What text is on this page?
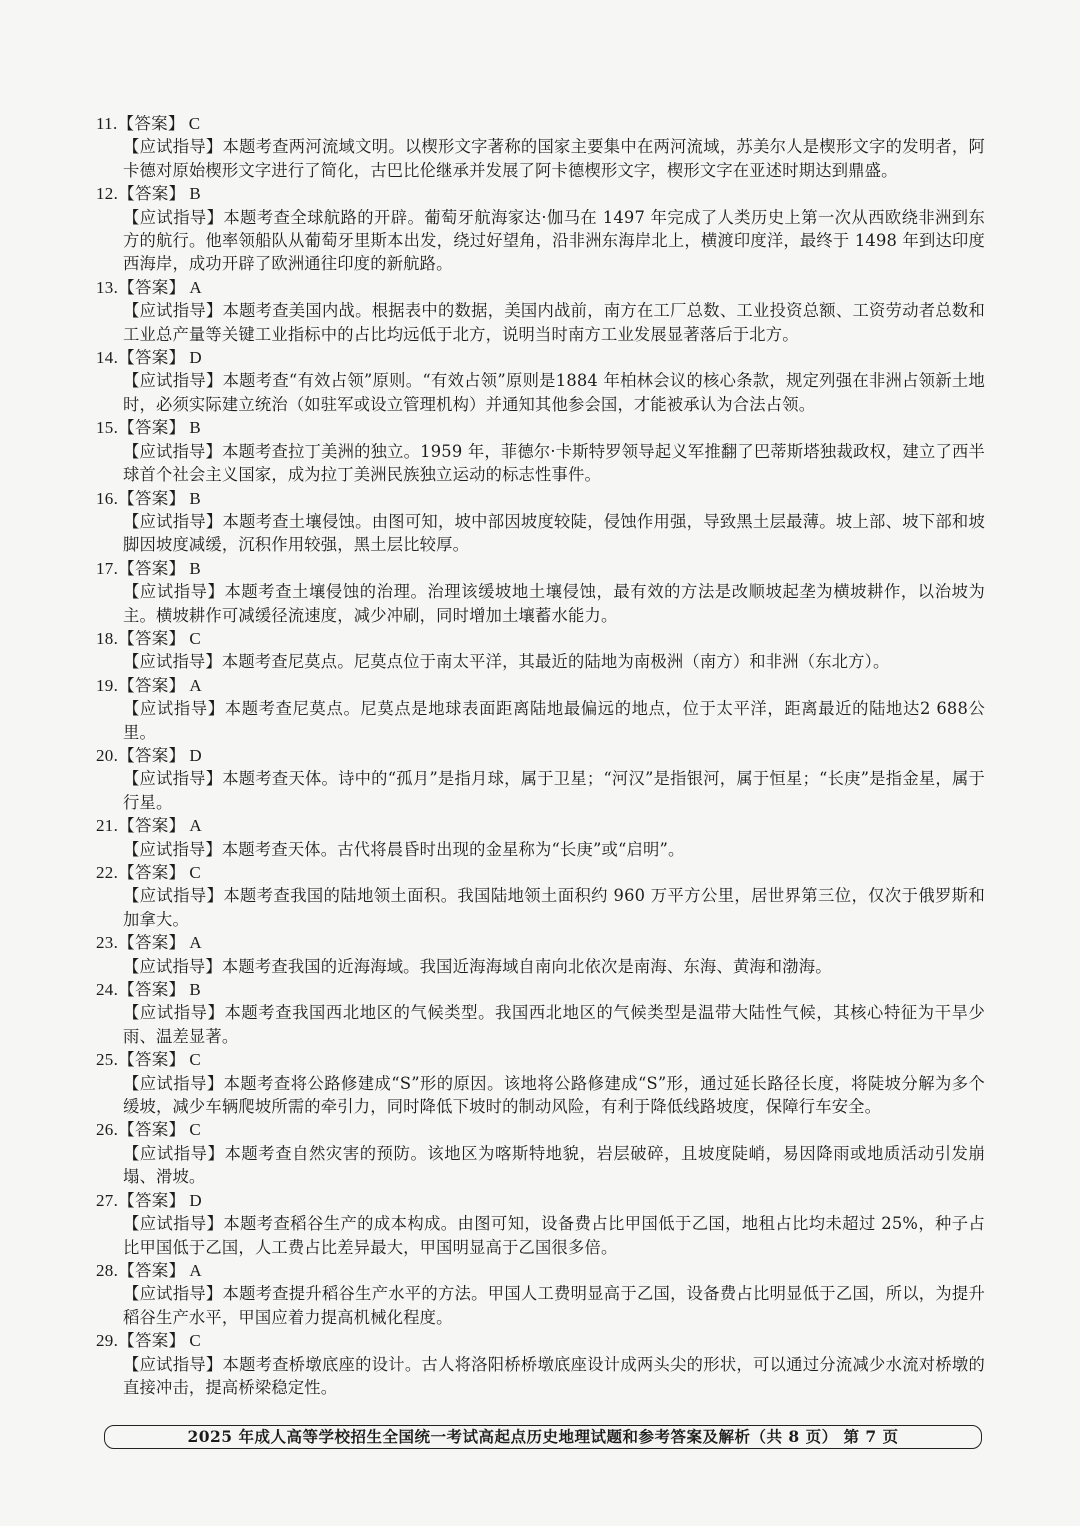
11.【答案】 C
【应试指导】本题考查两河流域文明。以楔形文字著称的国家主要集中在两河流域，苏美尔人是楔形文字的发明者，阿卡德对原始楔形文字进行了简化，古巴比伦继承并发展了阿卡德楔形文字，楔形文字在亚述时期达到鼎盛。
12.【答案】 B
【应试指导】本题考查全球航路的开辟。葡萄牙航海家达·伽马在 1497 年完成了人类历史上第一次从西欧绕非洲到东方的航行。他率领船队从葡萄牙里斯本出发，绕过好望角，沿非洲东海岸北上，横渡印度洋，最终于 1498 年到达印度西海岸，成功开辟了欧洲通往印度的新航路。
13.【答案】 A
【应试指导】本题考查美国内战。根据表中的数据，美国内战前，南方在工厂总数、工业投资总额、工资劳动者总数和工业总产量等关键工业指标中的占比均远低于北方，说明当时南方工业发展显著落后于北方。
14.【答案】 D
【应试指导】本题考查“有效占领”原则。“有效占领”原则是1884 年柏林会议的核心条款，规定列强在非洲占领新土地时，必须实际建立统治（如驻军或设立管理机构）并通知其他参会国，才能被承认为合法占领。
15.【答案】 B
【应试指导】本题考查拉丁美洲的独立。1959 年，菲德尔·卡斯特罗领导起义军推翻了巴蒂斯塔独裁政权，建立了西半球首个社会主义国家，成为拉丁美洲民族独立运动的标志性事件。
16.【答案】 B
【应试指导】本题考查土壤侵蚀。由图可知，坡中部因坡度较陡，侵蚀作用强，导致黑土层最薄。坡上部、坡下部和坡脚因坡度减缓，沉积作用较强，黑土层比较厚。
17.【答案】 B
【应试指导】本题考查土壤侵蚀的治理。治理该缓坡地土壤侵蚀，最有效的方法是改顺坡起垄为横坡耕作，以治坡为主。横坡耕作可减缓径流速度，减少冲刷，同时增加土壤蓄水能力。
18.【答案】 C
【应试指导】本题考查尼莫点。尼莫点位于南太平洋，其最近的陆地为南极洲（南方）和非洲（东北方）。
19.【答案】 A
【应试指导】本题考查尼莫点。尼莫点是地球表面距离陆地最偏远的地点，位于太平洋，距离最近的陆地达2 688公里。
20.【答案】 D
【应试指导】本题考查天体。诗中的“孤月”是指月球，属于卫星；“河汉”是指银河，属于恒星；“长庚”是指金星，属于行星。
21.【答案】 A
【应试指导】本题考查天体。古代将晨昏时出现的金星称为“长庚”或“启明”。
22.【答案】 C
【应试指导】本题考查我国的陆地领土面积。我国陆地领土面积约 960 万平方公里，居世界第三位，仅次于俄罗斯和加拿大。
23.【答案】 A
【应试指导】本题考查我国的近海海域。我国近海海域自南向北依次是南海、东海、黄海和渤海。
24.【答案】 B
【应试指导】本题考查我国西北地区的气候类型。我国西北地区的气候类型是温带大陆性气候，其核心特征为干旱少雨、温差显著。
25.【答案】 C
【应试指导】本题考查将公路修建成“S”形的原因。该地将公路修建成“S”形，通过延长路径长度，将陡坡分解为多个缓坡，减少车辆爬坡所需的牵引力，同时降低下坡时的制动风险，有利于降低线路坡度，保障行车安全。
26.【答案】 C
【应试指导】本题考查自然灾害的预防。该地区为喀斯特地貌，岩层破碎，且坡度陡峭，易因降雨或地质活动引发崩塌、滑坡。
27.【答案】 D
【应试指导】本题考查稻谷生产的成本构成。由图可知，设备费占比甲国低于乙国，地租占比均未超过 25%，种子占比甲国低于乙国，人工费占比差异最大，甲国明显高于乙国很多倍。
28.【答案】 A
【应试指导】本题考查提升稻谷生产水平的方法。甲国人工费明显高于乙国，设备费占比明显低于乙国，所以，为提升稻谷生产水平，甲国应着力提高机械化程度。
29.【答案】 C
【应试指导】本题考查桥墩底座的设计。古人将洛阳桥桥墩底座设计成两头尖的形状，可以通过分流减少水流对桥墩的直接冲击，提高桥梁稳定性。
2025 年成人高等学校招生全国统一考试高起点历史地理试题和参考答案及解析（共 8 页） 第 7 页
